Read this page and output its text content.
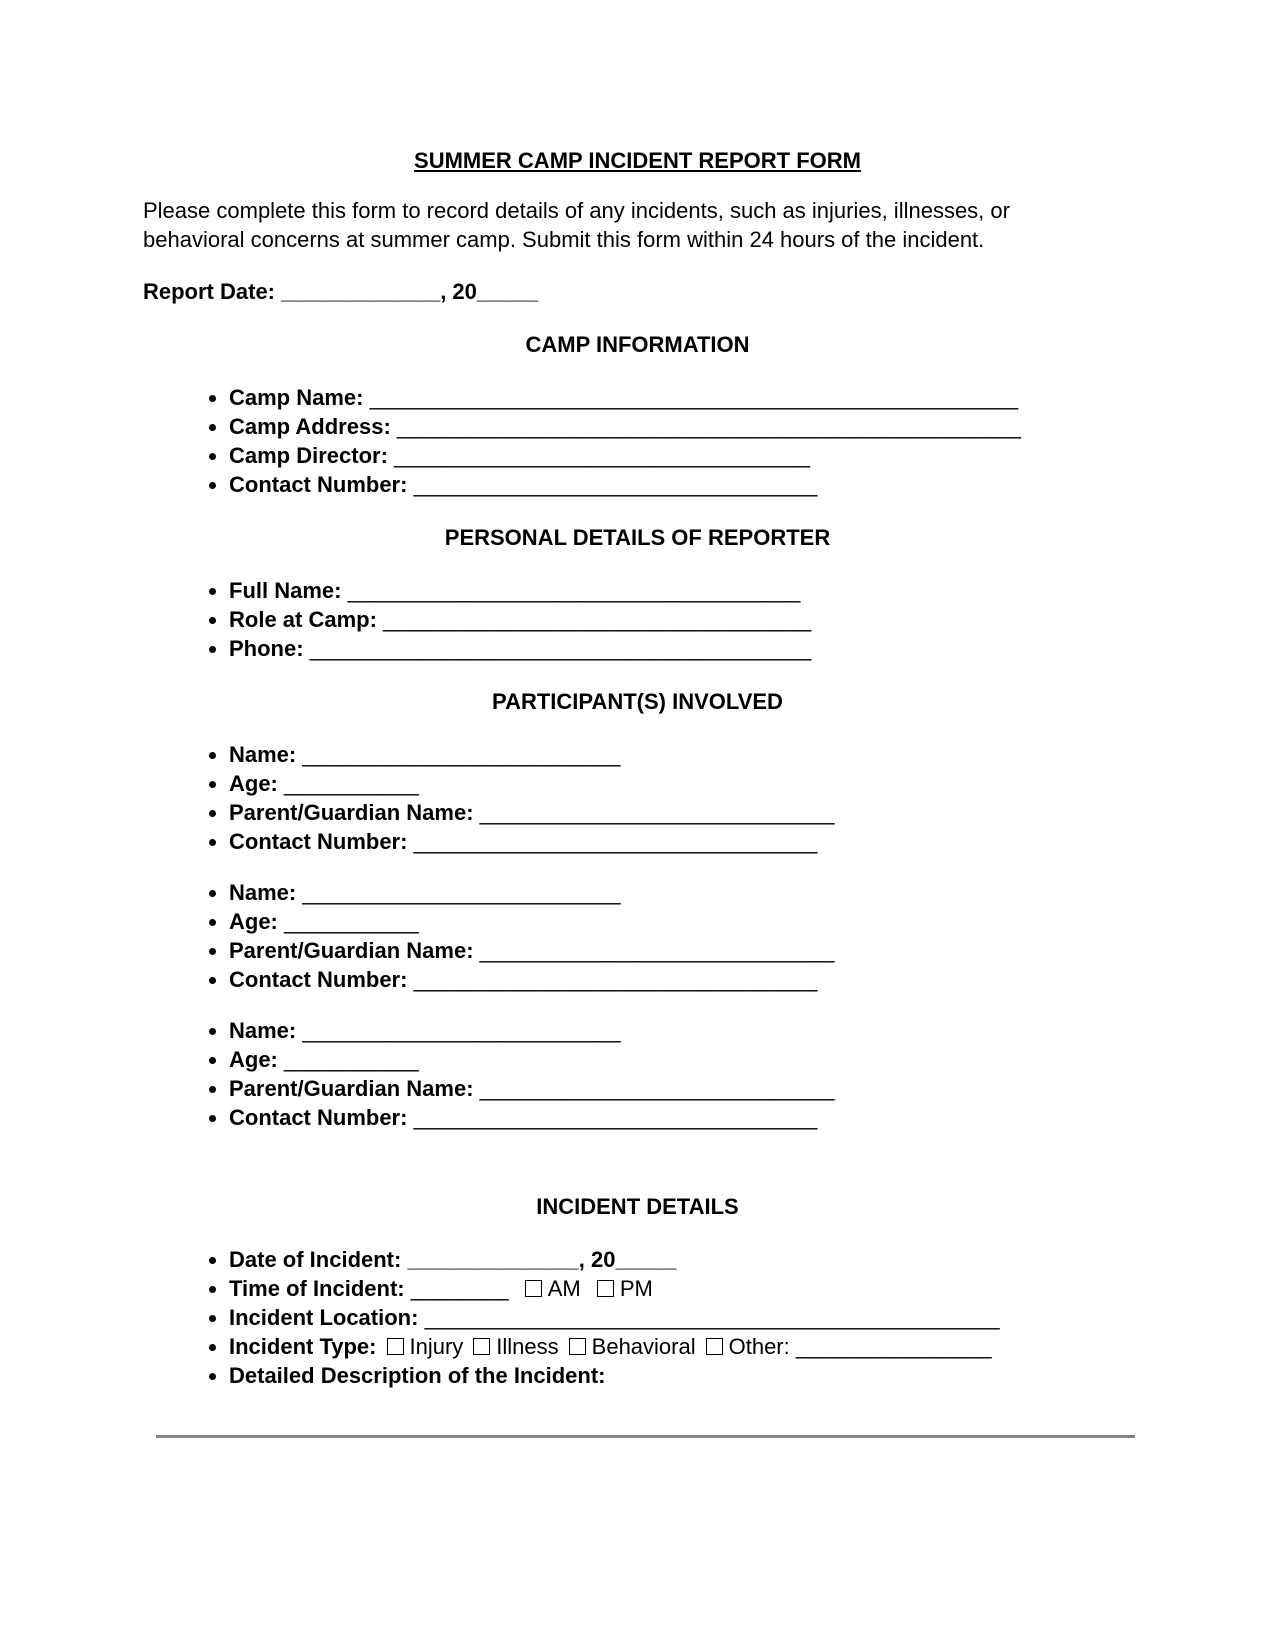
SUMMER CAMP INCIDENT REPORT FORM

Please complete this form to record details of any incidents, such as injuries, illnesses, or
behavioral concerns at summer camp. Submit this form within 24 hours of the incident.

Report Date: _____________, 20_____

CAMP INFORMATION
• Camp Name: _____________________________________________________
• Camp Address: ___________________________________________________
• Camp Director: __________________________________
• Contact Number: _________________________________
PERSONAL DETAILS OF REPORTER
• Full Name: _____________________________________
• Role at Camp: ___________________________________
• Phone: _________________________________________
PARTICIPANT(S) INVOLVED
• Name: __________________________
• Age: ___________
• Parent/Guardian Name: _____________________________
• Contact Number: _________________________________
• Name: __________________________
• Age: ___________
• Parent/Guardian Name: _____________________________
• Contact Number: _________________________________
• Name: __________________________
• Age: ___________
• Parent/Guardian Name: _____________________________
• Contact Number: _________________________________
INCIDENT DETAILS
• Date of Incident: ______________, 20_____
• Time of Incident: ________ AM PM
• Incident Location: _______________________________________________
• Incident Type: Injury Illness Behavioral Other: ________________
• Detailed Description of the Incident:
